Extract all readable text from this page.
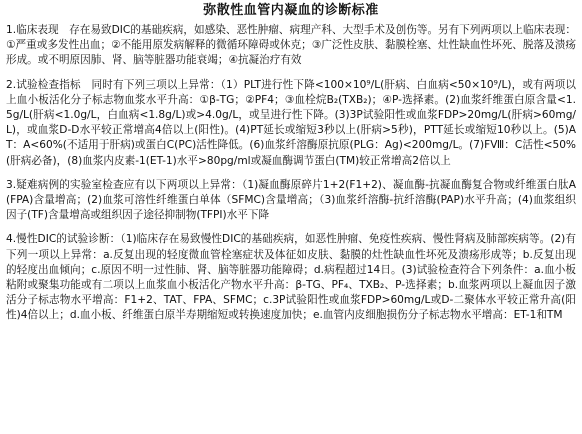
弥散性血管内凝血的诊断标准

1.临床表现　存在易致DIC的基础疾病，如感染、恶性肿瘤、病理产科、大型手术及创伤等。另有下列两项以上临床表现：①严重或多发性出血；②不能用原发病解释的微循环障碍或休克；③广泛性皮肤、黏膜栓塞、灶性缺血性坏死、脱落及溃疡形成。或不明原因肺、肾、脑等脏器功能衰竭；④抗凝治疗有效

2.试验检查指标　同时有下列三项以上异常：（1）PLT进行性下降<100×10⁹/L(肝病、白血病<50×10⁹/L)，或有两项以上血小板活化分子标志物血浆水平升高：①β-TG；②PF4；③血栓烷B₂(TXB₂)；④P-选择素。(2)血浆纤维蛋白原含量<1.5g/L(肝病<1.0g/L，白血病<1.8g/L)或>4.0g/L，或呈进行性下降。(3)3P试验阳性或血浆FDP>20mg/L(肝病>60mg/L)，或血浆D-D水平较正常增高4倍以上(阳性)。(4)PT延长或缩短3秒以上(肝病>5秒)，PTT延长或缩短10秒以上。(5)AT：A<60%(不适用于肝病)或蛋白C(PC)活性降低。(6)血浆纤溶酶原抗原(PLG：Ag)<200mg/L。(7)FⅧ：C活性<50%(肝病必备)，(8)血浆内皮素-1(ET-1)水平>80pg/ml或凝血酶调节蛋白(TM)较正常增高2倍以上

3.疑难病例的实验室检查应有以下两项以上异常：（1)凝血酶原碎片1+2(F1+2)、凝血酶-抗凝血酶复合物或纤维蛋白肽A(FPA)含量增高；(2)血浆可溶性纤维蛋白单体（SFMC)含量增高；（3)血浆纤溶酶-抗纤溶酶(PAP)水平升高；(4)血浆组织因子(TF)含量增高或组织因子途径抑制物(TFPI)水平下降

4.慢性DIC的试验诊断：（1)临床存在易致慢性DIC的基础疾病，如恶性肿瘤、免疫性疾病、慢性肾病及肺部疾病等。(2)有下列一项以上异常：a.反复出现的轻度微血管栓塞症状及体征如皮肤、黏膜的灶性缺血性坏死及溃疡形成等；b.反复出现的轻度出血倾向；c.原因不明一过性肺、肾、脑等脏器功能障碍；d.病程超过14日。(3)试验检查符合下列条件：a.血小板粘附或聚集功能或有二项以上血浆血小板活化产物水平升高：β-TG、PF₄、TXB₂、P-选择素；b.血浆两项以上凝血因子激活分子标志物水平增高：F1+2、TAT、FPA、SFMC；c.3P试验阳性或血浆FDP>60mg/L或D-二聚体水平较正常升高(阳性)4倍以上；d.血小板、纤维蛋白原半寿期缩短或转换速度加快；e.血管内皮细胞损伤分子标志物水平增高：ET-1和TM
